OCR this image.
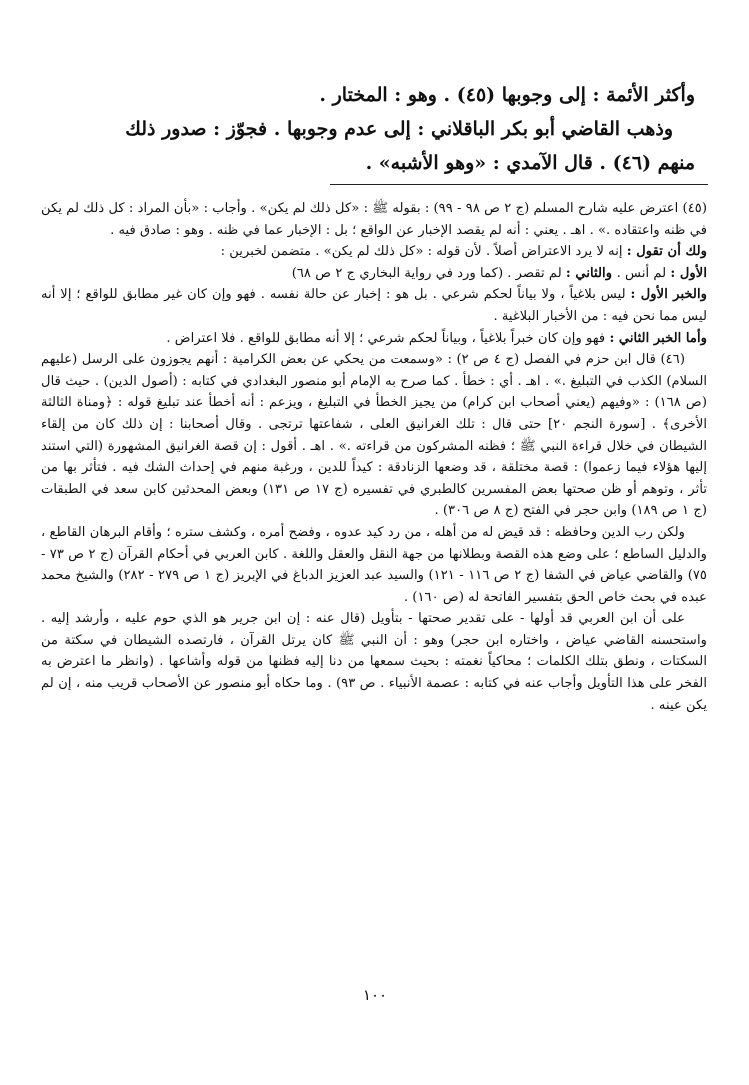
وأكثر الأئمة : إلى وجوبها (٤٥) . وهو : المختار .

وذهب القاضي أبو بكر الباقلاني : إلى عدم وجوبها . فجوّز : صدور ذلك

منهم (٤٦) . قال الآمدي : «وهو الأشبه» .

(٤٥) اعترض عليه شارح المسلم (ج ٢ ص ٩٨ - ٩٩) : بقوله ﷺ : «كل ذلك لم يكن» . وأجاب : «بأن المراد : كل ذلك لم يكن في ظنه واعتقاده .» . اهـ . يعني : أنه لم يقصد الإخبار عن الواقع ؛ بل : الإخبار عما في ظنه . وهو : صادق فيه .

ولك أن تقول : إنه لا يرد الاعتراض أصلاً . لأن قوله : «كل ذلك لم يكن» . متضمن لخبرين :

الأول : لم أنس . والثاني : لم تقصر . (كما ورد في رواية البخاري ج ٢ ص ٦٨)

والخبر الأول : ليس بلاغياً ، ولا بياناً لحكم شرعي . بل هو : إخبار عن حالة نفسه . فهو وإن كان غير مطابق للواقع ؛ إلا أنه ليس مما نحن فيه : من الأخبار البلاغية .

وأما الخبر الثاني : فهو وإن كان خبراً بلاغياً ، وبياناً لحكم شرعي ؛ إلا أنه مطابق للواقع . فلا اعتراض .

(٤٦) قال ابن حزم في الفصل (ج ٤ ص ٢) : «وسمعت من يحكي عن بعض الكرامية : أنهم يجوزون على الرسل (عليهم السلام) الكذب في التبليغ .» . اهـ . أي : خطأ . كما صرح به الإمام أبو منصور البغدادي في كتابه : (أصول الدين) . حيث قال (ص ١٦٨) : «وفيهم (يعني أصحاب ابن كرام) من يجيز الخطأ في التبليغ ، ويزعم : أنه أخطأ عند تبليغ قوله : ﴿ومناة الثالثة الأخرى﴾ . [سورة النجم ٢٠] حتى قال : تلك الغرانيق العلى ، شفاعتها ترتجى . وقال أصحابنا : إن ذلك كان من إلقاء الشيطان في خلال قراءة النبي ﷺ ؛ فظنه المشركون من قراءته .» . اهـ . أقول : إن قصة الغرانيق المشهورة (التي استند إليها هؤلاء فيما زعموا) : قصة مختلقة ، قد وضعها الزنادقة : كيداً للدين ، ورغبة منهم في إحداث الشك فيه . فتأثر بها من تأثر ، وتوهم أو ظن صحتها بعض المفسرين كالطبري في تفسيره (ج ١٧ ص ١٣١) وبعض المحدثين كابن سعد في الطبقات (ج ١ ص ١٨٩) وابن حجر في الفتح (ج ٨ ص ٣٠٦) .

ولكن رب الدين وحافظه : قد قيض له من أهله ، من رد كيد عدوه ، وفضح أمره ، وكشف ستره ؛ وأقام البرهان القاطع ، والدليل الساطع ؛ على وضع هذه القصة وبطلانها من جهة النقل والعقل واللغة . كابن العربي في أحكام القرآن (ج ٢ ص ٧٣ - ٧٥) والقاضي عياض في الشفا (ج ٢ ص ١١٦ - ١٢١) والسيد عبد العزيز الدباغ في الإبريز (ج ١ ص ٢٧٩ - ٢٨٢) والشيخ محمد عبده في بحث خاص الحق بتفسير الفاتحة له (ص ١٦٠) .

على أن ابن العربي قد أولها - على تقدير صحتها - بتأويل (قال عنه : إن ابن جرير هو الذي حوم عليه ، وأرشد إليه . واستحسنه القاضي عياض ، واختاره ابن حجر) وهو : أن النبي ﷺ كان يرتل القرآن ، فارتصده الشيطان في سكتة من السكتات ، ونطق بتلك الكلمات ؛ محاكياً نغمته : بحيث سمعها من دنا إليه فظنها من قوله وأشاعها . (وانظر ما اعترض به الفخر على هذا التأويل وأجاب عنه في كتابه : عصمة الأنبياء . ص ٩٣) . وما حكاه أبو منصور عن الأصحاب قريب منه ، إن لم يكن عينه .

١٠٠
